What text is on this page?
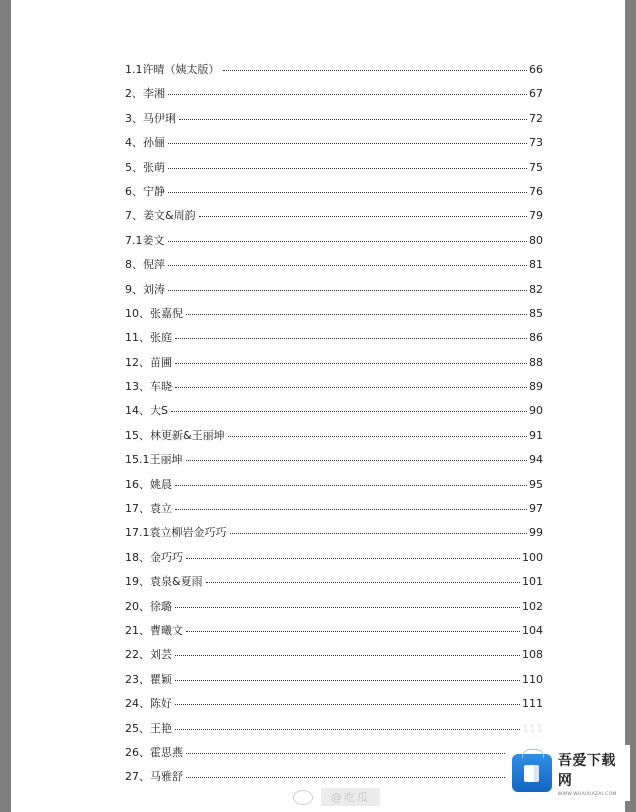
1.1许晴（姨太版）	66
2、李湘	67
3、马伊琍	72
4、孙俪	73
5、张萌	75
6、宁静	76
7、姜文&周韵	79
7.1姜文	80
8、倪萍	81
9、刘涛	82
10、张嘉倪	85
11、张庭	86
12、苗圃	88
13、车晓	89
14、大S	90
15、林更新&王丽坤	91
15.1王丽坤	94
16、姚晨	95
17、袁立	97
17.1袁立柳岩金巧巧	99
18、金巧巧	100
19、袁泉&夏雨	101
20、徐璐	102
21、曹曦文	104
22、刘芸	108
23、瞿颖	110
24、陈好	111
25、王艳	111
26、霍思燕
27、马雅舒
@吃瓜
吾爱下载网
WWW.WUAIXIAZAI.COM
